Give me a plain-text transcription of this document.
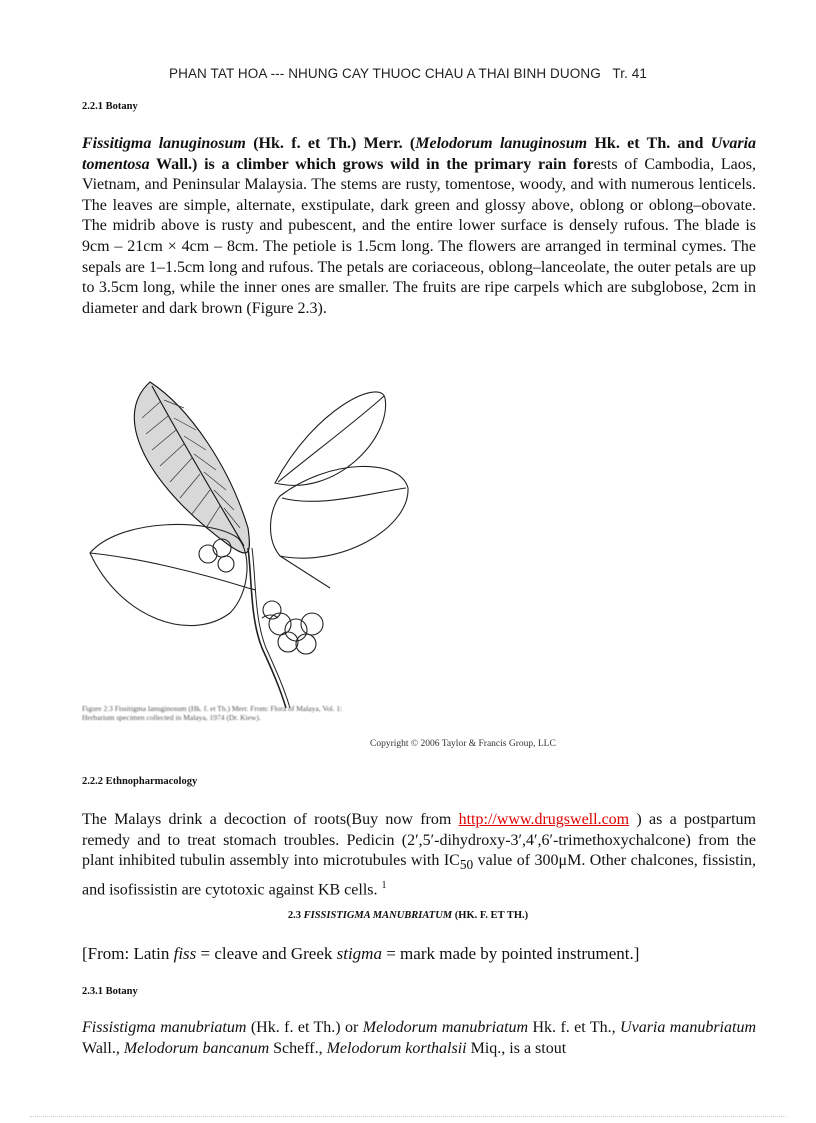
PHAN TAT HOA --- NHUNG CAY THUOC CHAU A THAI BINH DUONG Tr. 41
2.2.1 Botany
Fissitigma lanuginosum (Hk. f. et Th.) Merr. (Melodorum lanuginosum Hk. et Th. and Uvaria tomentosa Wall.) is a climber which grows wild in the primary rain forests of Cambodia, Laos, Vietnam, and Peninsular Malaysia. The stems are rusty, tomentose, woody, and with numerous lenticels. The leaves are simple, alternate, exstipulate, dark green and glossy above, oblong or oblong–obovate. The midrib above is rusty and pubescent, and the entire lower surface is densely rufous. The blade is 9cm – 21cm × 4cm – 8cm. The petiole is 1.5cm long. The flowers are arranged in terminal cymes. The sepals are 1–1.5cm long and rufous. The petals are coriaceous, oblong–lanceolate, the outer petals are up to 3.5cm long, while the inner ones are smaller. The fruits are ripe carpels which are subglobose, 2cm in diameter and dark brown (Figure 2.3).
Figure 2.3 Fissitigma lanuginosum (Hk. f. et Th.) Merr. From: Flora of Malaya, Vol. 1: Herbarium specimen collected in Malaya, 1974 (Dr. Kiew).
Copyright © 2006 Taylor & Francis Group, LLC
2.2.2 Ethnopharmacology
The Malays drink a decoction of roots(Buy now from http://www.drugswell.com ) as a postpartum remedy and to treat stomach troubles. Pedicin (2′,5′-dihydroxy-3′,4′,6′-trimethoxychalcone) from the plant inhibited tubulin assembly into microtubules with $IC_{50}$ value of 300μM. Other chalcones, fissistin, and isofissistin are cytotoxic against KB cells. $^1$
2.3 FISSISTIGMA MANUBRIATUM (HK. F. ET TH.)
[From: Latin fiss = cleave and Greek stigma = mark made by pointed instrument.]
2.3.1 Botany
Fissistigma manubriatum (Hk. f. et Th.) or Melodorum manubriatum Hk. f. et Th., Uvaria manubriatum Wall., Melodorum bancanum Scheff., Melodorum korthalsii Miq., is a stout
